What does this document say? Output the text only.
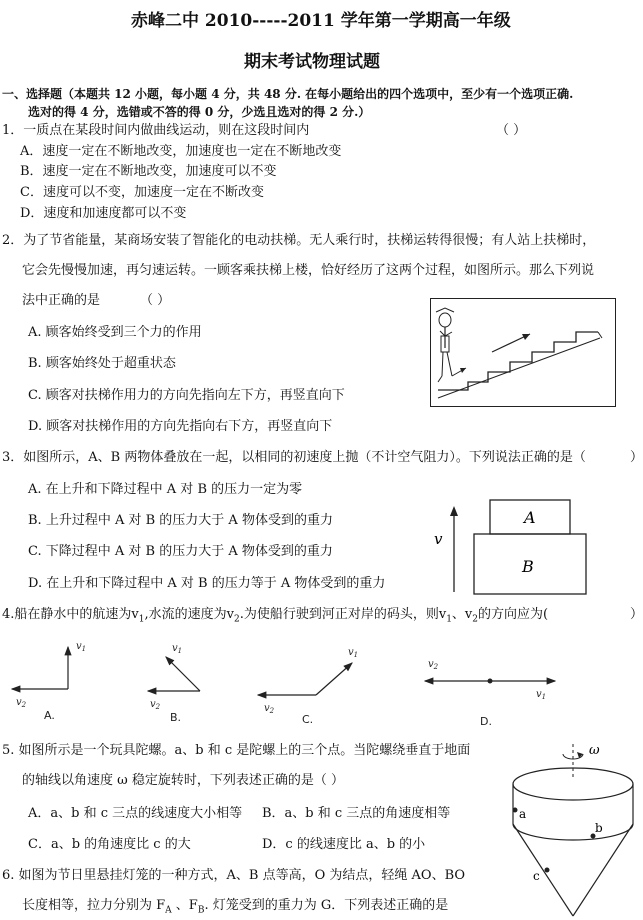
赤峰二中 2010-----2011 学年第一学期高一年级
期末考试物理试题
一、选择题（本题共 12 小题，每小题 4 分，共 48 分. 在每小题给出的四个选项中，至少有一个选项正确.
选对的得 4 分，选错或不答的得 0 分，少选且选对的得 2 分.）
1．一质点在某段时间内做曲线运动，则在这段时间内	（ ）
A．速度一定在不断地改变，加速度也一定在不断地改变
B．速度一定在不断地改变，加速度可以不变
C．速度可以不变，加速度一定在不断改变
D．速度和加速度都可以不变
2．为了节省能量，某商场安装了智能化的电动扶梯。无人乘行时，扶梯运转得很慢；有人站上扶梯时，
它会先慢慢加速，再匀速运转。一顾客乘扶梯上楼，恰好经历了这两个过程，如图所示。那么下列说
法中正确的是	（ ）
A. 顾客始终受到三个力的作用
B. 顾客始终处于超重状态
C. 顾客对扶梯作用力的方向先指向左下方，再竖直向下
D. 顾客对扶梯作用的方向先指向右下方，再竖直向下
3．如图所示，A、B 两物体叠放在一起，以相同的初速度上抛（不计空气阻力）。下列说法正确的是（	）
A. 在上升和下降过程中 A 对 B 的压力一定为零
B. 上升过程中 A 对 B 的压力大于 A 物体受到的重力
C. 下降过程中 A 对 B 的压力大于 A 物体受到的重力
D. 在上升和下降过程中 A 对 B 的压力等于 A 物体受到的重力
v
A
B
4.船在静水中的航速为$v_1$,水流的速度为$v_2$.为使船行驶到河正对岸的码头，则$v_1$、$v_2$的方向应为(	）
$v_1$
$v_2$
$v_1$
$v_2$
$v_1$
$v_2$
$v_1$
$v_2$
A.	B.	C.	D.
5. 如图所示是一个玩具陀螺。a、b 和 c 是陀螺上的三个点。当陀螺绕垂直于地面
的轴线以角速度 ω 稳定旋转时，下列表述正确的是（ ）
A．a、b 和 c 三点的线速度大小相等 B．a、b 和 c 三点的角速度相等
C．a、b 的角速度比 c 的大	D．c 的线速度比 a、b 的小
ω
a
b
c
6. 如图为节日里悬挂灯笼的一种方式，A、B 点等高，O 为结点，轻绳 AO、BO
长度相等，拉力分别为 $F_A$ 、$F_B$. 灯笼受到的重力为 G．下列表述正确的是
